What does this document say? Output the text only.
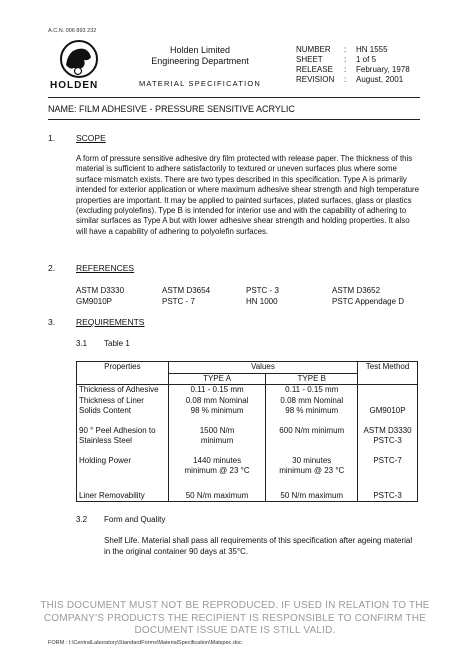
A.C.N. 006 893 232
HOLDEN
Holden Limited
Engineering Department
MATERIAL SPECIFICATION
NUMBER	:	HN 1555
SHEET	:	1 of 5
RELEASE	:	February, 1978
REVISION	:	August, 2001
NAME: FILM ADHESIVE - PRESSURE SENSITIVE ACRYLIC
1. SCOPE
A form of pressure sensitive adhesive dry film protected with release paper. The thickness of this material is sufficient to adhere satisfactorily to textured or uneven surfaces plus where some surface mismatch exists. There are two types described in this specification. Type A is primarily intended for exterior application or where maximum adhesive shear strength and high temperature properties are important. It may be applied to painted surfaces, plated surfaces, glass or plastics (excluding polyolefins). Type B is intended for interior use and with the capability of adhering to similar surfaces as Type A but with lower adhesive shear strength and holding properties. It also will have a capability of adhering to polyolefin surfaces.
2. REFERENCES
ASTM D3330	ASTM D3654	PSTC - 3	ASTM D3652
GM9010P	PSTC - 7	HN 1000	PSTC Appendage D
3. REQUIREMENTS
3.1 Table 1
Properties	Values		Test Method
	TYPE A	TYPE B	
Thickness of Adhesive	0.11 - 0.15 mm	0.11 - 0.15 mm	
Thickness of Liner	0.08 mm Nominal	0.08 mm Nominal	
Solids Content	98 % minimum	98 % minimum	GM9010P

90 ° Peel Adhesion to	1500 N/m	600 N/m minimum	ASTM D3330
Stainless Steel	minimum		PSTC-3

Holding Power	1440 minutes	30 minutes	PSTC-7
	minimum @ 23 °C	minimum @ 23 °C	

Liner Removability	50 N/m maximum	50 N/m maximum	PSTC-3
3.2 Form and Quality
Shelf Life. Material shall pass all requirements of this specification after ageing material in the original container 90 days at 35°C.
THIS DOCUMENT MUST NOT BE REPRODUCED. IF USED IN RELATION TO THE COMPANY'S PRODUCTS THE RECIPIENT IS RESPONSIBLE TO CONFIRM THE DOCUMENT ISSUE DATE IS STILL VALID.
FORM : I:\CentralLaboratory\StandardForms\MaterialSpecification\Matspec.doc
